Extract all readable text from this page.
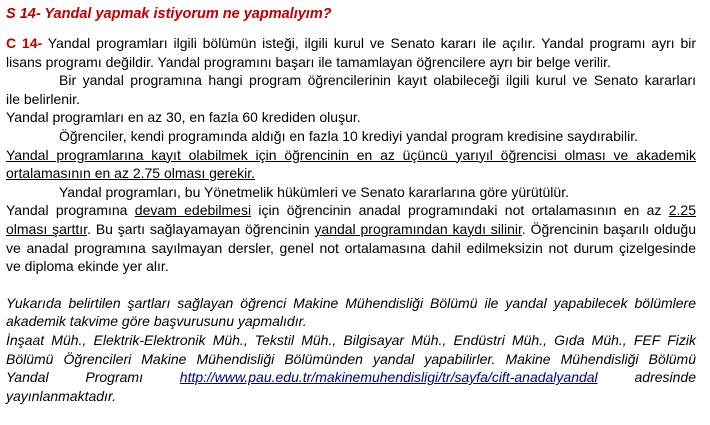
S 14- Yandal yapmak istiyorum ne yapmalıyım?
C 14- Yandal programları ilgili bölümün isteği, ilgili kurul ve Senato kararı ile açılır. Yandal programı ayrı bir
lisans programı değildir. Yandal programını başarı ile tamamlayan öğrencilere ayrı bir belge verilir.
Bir yandal programına hangi program öğrencilerinin kayıt olabileceği ilgili kurul ve Senato kararları
ile belirlenir.
Yandal programları en az 30, en fazla 60 krediden oluşur.
Öğrenciler, kendi programında aldığı en fazla 10 krediyi yandal program kredisine saydırabilir.
Yandal programlarına kayıt olabilmek için öğrencinin en az üçüncü yarıyıl öğrencisi olması ve akademik
ortalamasının en az 2.75 olması gerekir.
Yandal programları, bu Yönetmelik hükümleri ve Senato kararlarına göre yürütülür.
Yandal programına devam edebilmesi için öğrencinin anadal programındaki not ortalamasının en az 2.25
olması şarttır. Bu şartı sağlayamayan öğrencinin yandal programından kaydı silinir. Öğrencinin başarılı olduğu
ve anadal programına sayılmayan dersler, genel not ortalamasına dahil edilmeksizin not durum çizelgesinde
ve diploma ekinde yer alır.
Yukarıda belirtilen şartları sağlayan öğrenci Makine Mühendisliği Bölümü ile yandal yapabilecek bölümlere
akademik takvime göre başvurusunu yapmalıdır.
İnşaat Müh., Elektrik-Elektronik Müh., Tekstil Müh., Bilgisayar Müh., Endüstri Müh., Gıda Müh., FEF Fizik
Bölümü Öğrencileri Makine Mühendisliği Bölümünden yandal yapabilirler. Makine Mühendisliği Bölümü
Yandal Programı	http://www.pau.edu.tr/makinemuhendisligi/tr/sayfa/cift-anadalyandal	adresinde
yayınlanmaktadır.
